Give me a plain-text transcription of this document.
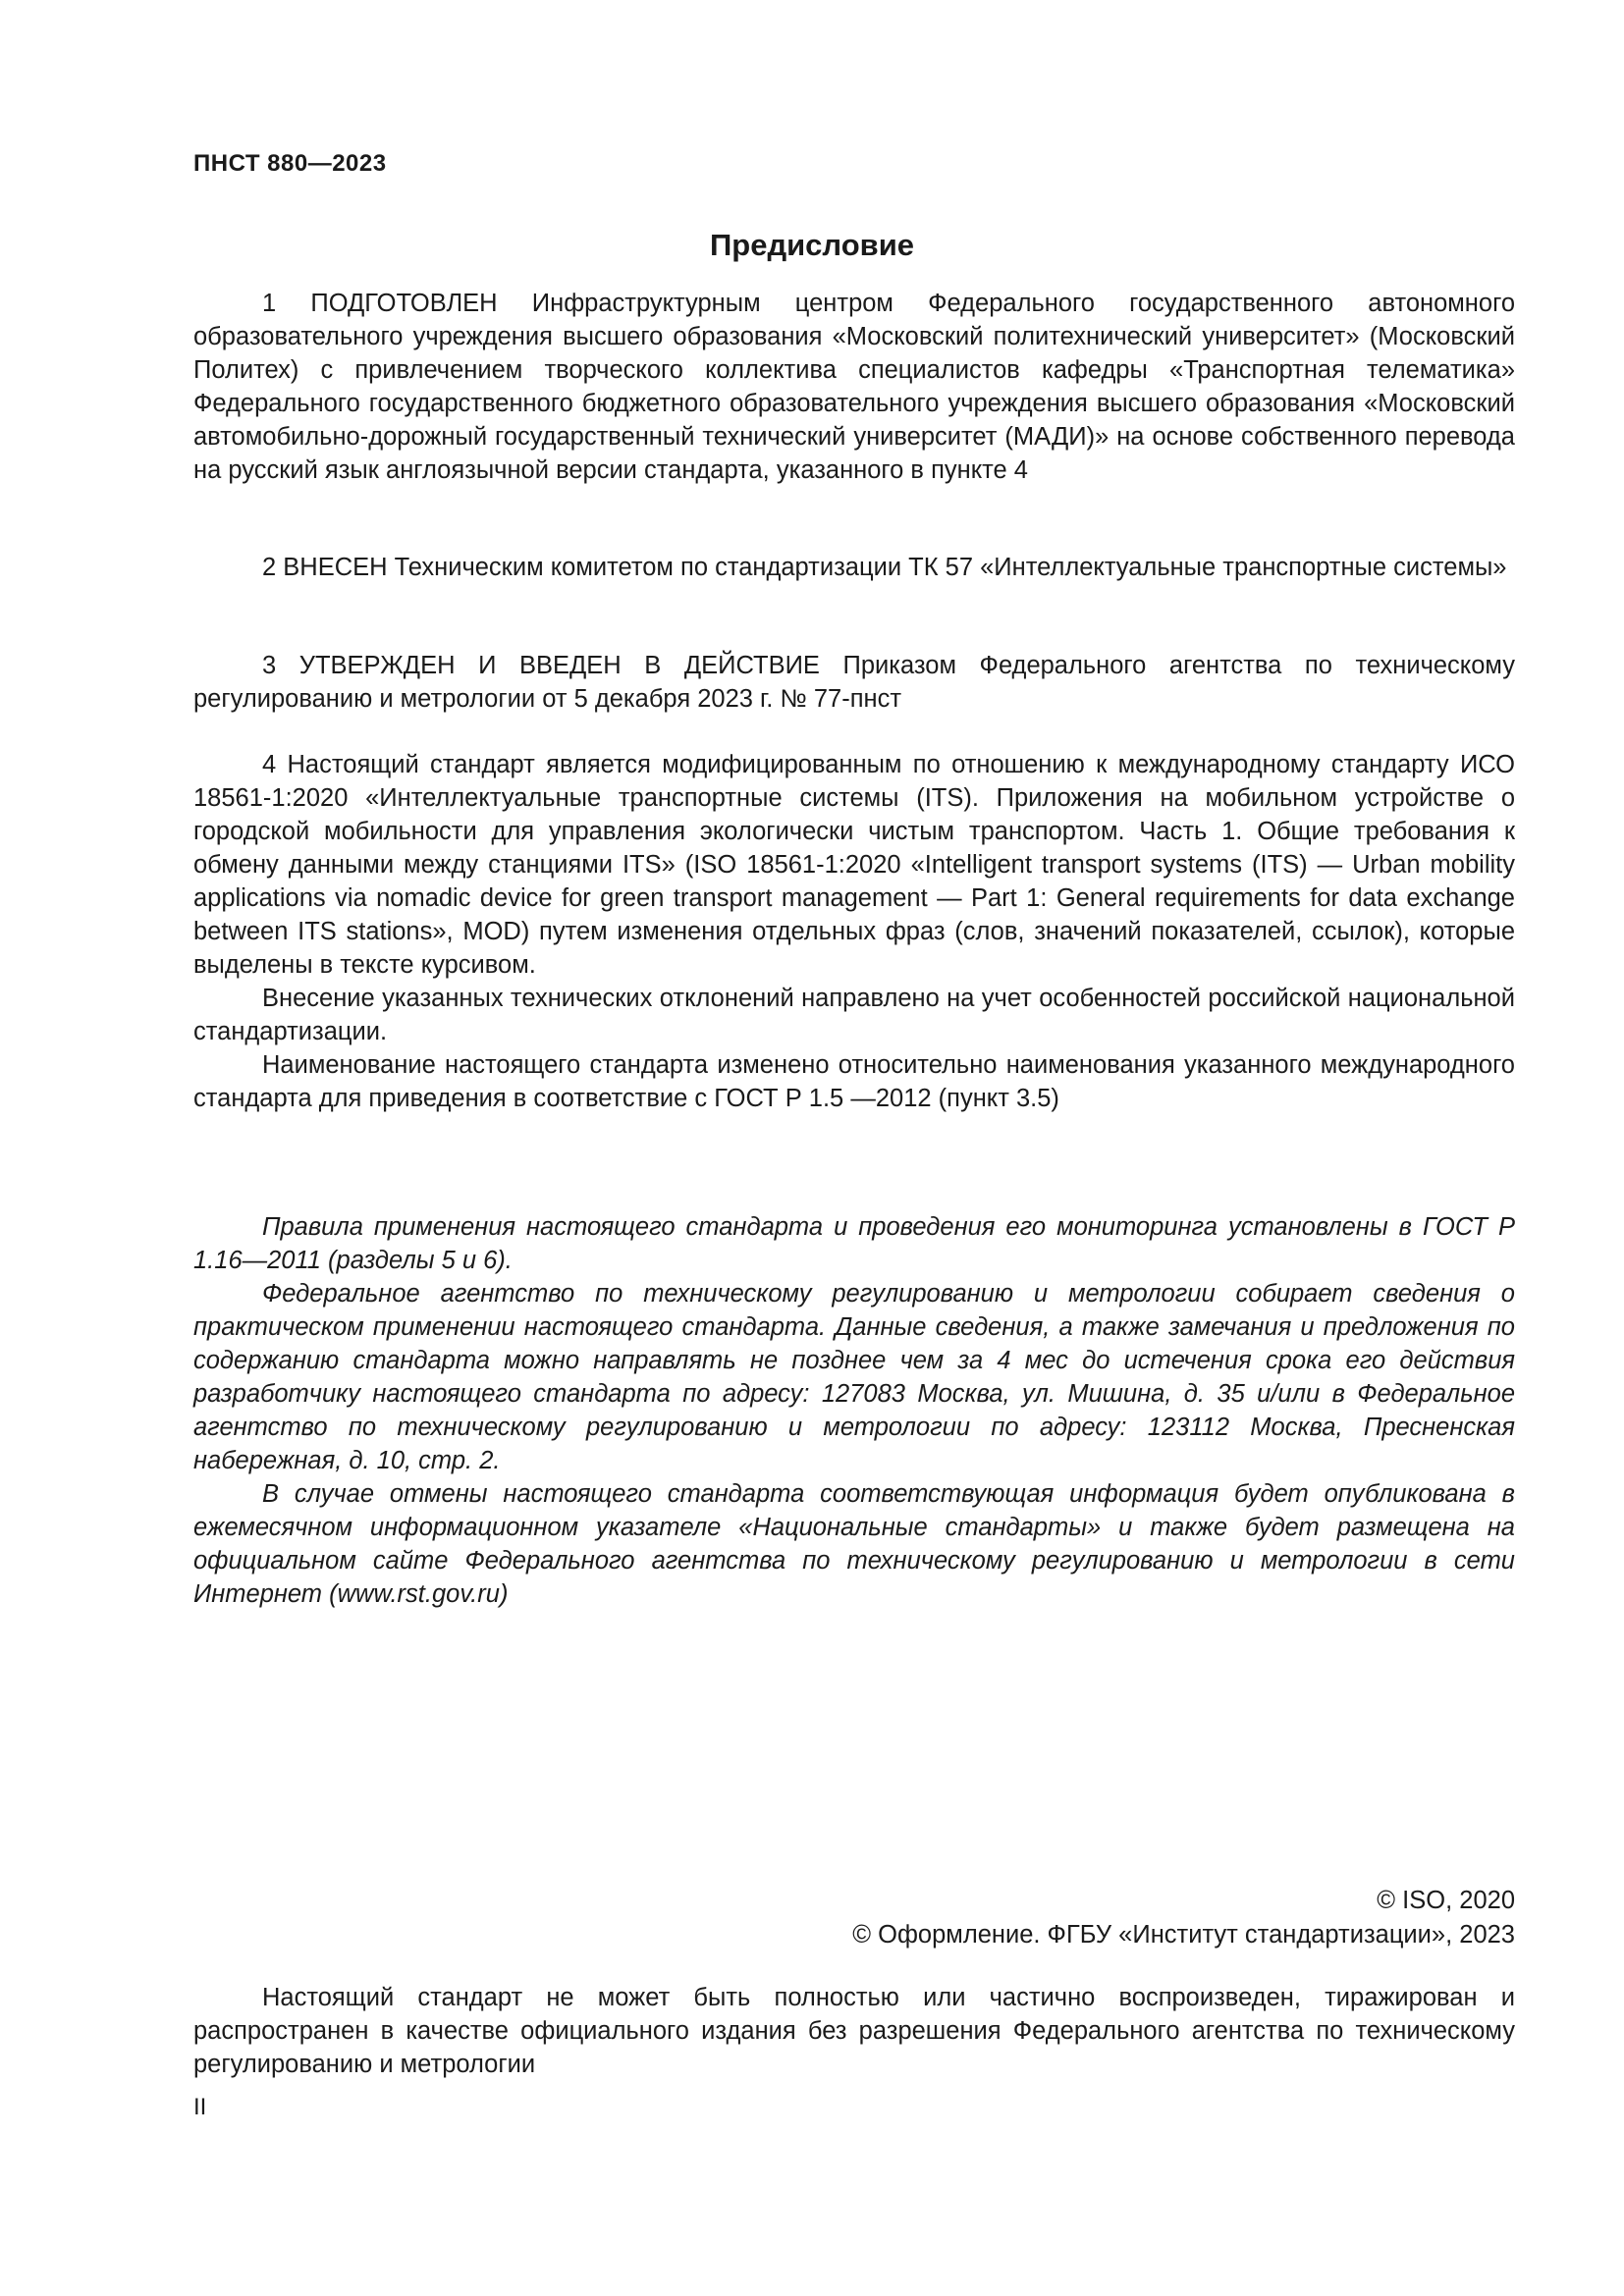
ПНСТ 880—2023
Предисловие

1 ПОДГОТОВЛЕН Инфраструктурным центром Федерального государственного автономного образовательного учреждения высшего образования «Московский политехнический университет» (Московский Политех) с привлечением творческого коллектива специалистов кафедры «Транспортная телематика» Федерального государственного бюджетного образовательного учреждения высшего образования «Московский автомобильно-дорожный государственный технический университет (МАДИ)» на основе собственного перевода на русский язык англоязычной версии стандарта, указанного в пункте 4

2 ВНЕСЕН Техническим комитетом по стандартизации ТК 57 «Интеллектуальные транспортные системы»

3 УТВЕРЖДЕН И ВВЕДЕН В ДЕЙСТВИЕ Приказом Федерального агентства по техническому регулированию и метрологии от 5 декабря 2023 г. № 77-пнст

4 Настоящий стандарт является модифицированным по отношению к международному стандарту ИСО 18561-1:2020 «Интеллектуальные транспортные системы (ITS). Приложения на мобильном устройстве о городской мобильности для управления экологически чистым транспортом. Часть 1. Общие требования к обмену данными между станциями ITS» (ISO 18561-1:2020 «Intelligent transport systems (ITS) — Urban mobility applications via nomadic device for green transport management — Part 1: General requirements for data exchange between ITS stations», MOD) путем изменения отдельных фраз (слов, значений показателей, ссылок), которые выделены в тексте курсивом.

Внесение указанных технических отклонений направлено на учет особенностей российской национальной стандартизации.

Наименование настоящего стандарта изменено относительно наименования указанного международного стандарта для приведения в соответствие с ГОСТ Р 1.5 —2012 (пункт 3.5)

Правила применения настоящего стандарта и проведения его мониторинга установлены в ГОСТ Р 1.16—2011 (разделы 5 и 6).

Федеральное агентство по техническому регулированию и метрологии собирает сведения о практическом применении настоящего стандарта. Данные сведения, а также замечания и предложения по содержанию стандарта можно направлять не позднее чем за 4 мес до истечения срока его действия разработчику настоящего стандарта по адресу: 127083 Москва, ул. Мишина, д. 35 и/или в Федеральное агентство по техническому регулированию и метрологии по адресу: 123112 Москва, Пресненская набережная, д. 10, стр. 2.

В случае отмены настоящего стандарта соответствующая информация будет опубликована в ежемесячном информационном указателе «Национальные стандарты» и также будет размещена на официальном сайте Федерального агентства по техническому регулированию и метрологии в сети Интернет (www.rst.gov.ru)

© ISO, 2020
© Оформление. ФГБУ «Институт стандартизации», 2023

Настоящий стандарт не может быть полностью или частично воспроизведен, тиражирован и распространен в качестве официального издания без разрешения Федерального агентства по техническому регулированию и метрологии

II
